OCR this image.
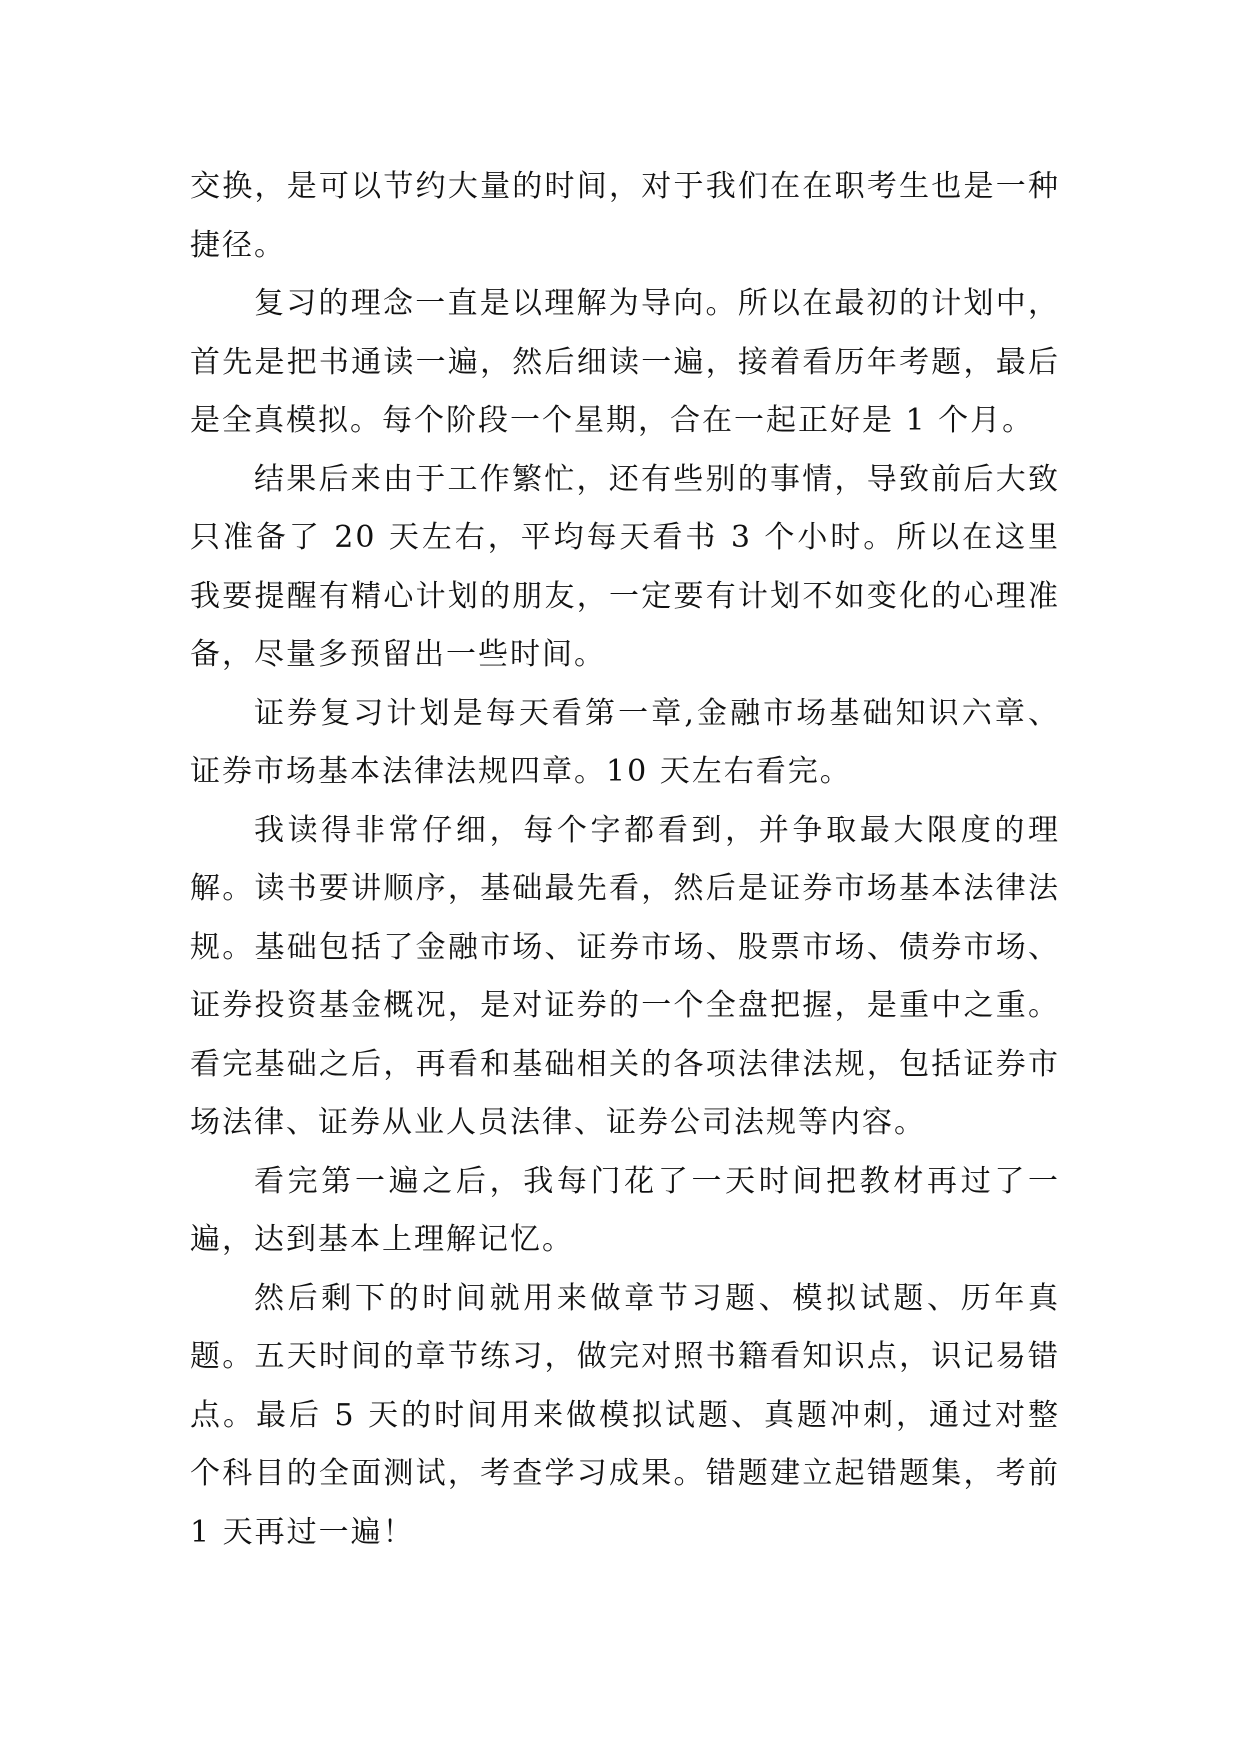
交换，是可以节约大量的时间，对于我们在在职考生也是一种捷径。

复习的理念一直是以理解为导向。所以在最初的计划中，首先是把书通读一遍，然后细读一遍，接着看历年考题，最后是全真模拟。每个阶段一个星期，合在一起正好是 1 个月。

结果后来由于工作繁忙，还有些别的事情，导致前后大致只准备了 20 天左右，平均每天看书 3 个小时。所以在这里我要提醒有精心计划的朋友，一定要有计划不如变化的心理准备，尽量多预留出一些时间。

证券复习计划是每天看第一章,金融市场基础知识六章、证券市场基本法律法规四章。10 天左右看完。

我读得非常仔细，每个字都看到，并争取最大限度的理解。读书要讲顺序，基础最先看，然后是证券市场基本法律法规。基础包括了金融市场、证券市场、股票市场、债券市场、证券投资基金概况，是对证券的一个全盘把握，是重中之重。看完基础之后，再看和基础相关的各项法律法规，包括证券市场法律、证券从业人员法律、证券公司法规等内容。

看完第一遍之后，我每门花了一天时间把教材再过了一遍，达到基本上理解记忆。

然后剩下的时间就用来做章节习题、模拟试题、历年真题。五天时间的章节练习，做完对照书籍看知识点，识记易错点。最后 5 天的时间用来做模拟试题、真题冲刺，通过对整个科目的全面测试，考查学习成果。错题建立起错题集，考前 1 天再过一遍！
